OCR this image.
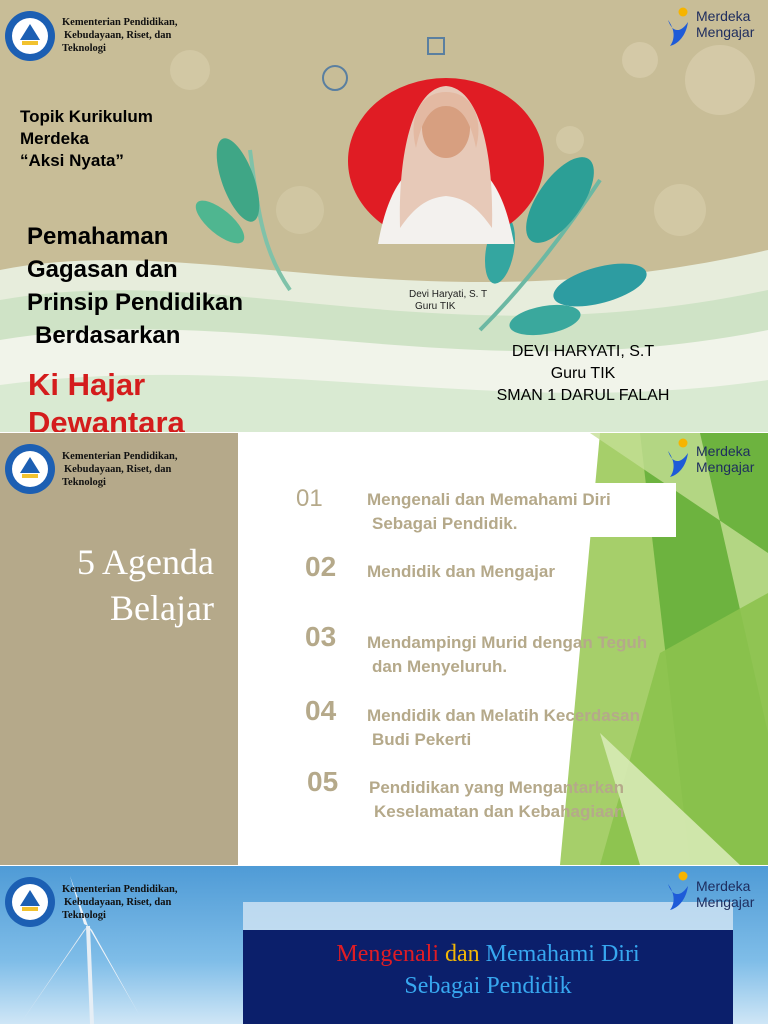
Kementerian Pendidikan,
Kebudayaan, Riset, dan
Teknologi
Merdeka
Mengajar
Topik Kurikulum
Merdeka
“Aksi Nyata”
Pemahaman
Gagasan dan
Prinsip Pendidikan
Berdasarkan
Ki Hajar
Dewantara
Devi Haryati, S. T
Guru TIK
DEVI HARYATI, S.T
Guru TIK
SMAN 1 DARUL FALAH
Kementerian Pendidikan,
Kebudayaan, Riset, dan
Teknologi
Merdeka
Mengajar
5 Agenda
Belajar
01	Mengenali dan Memahami Diri
Sebagai Pendidik.
02 Mendidik dan Mengajar
03 Mendampingi Murid dengan Teguh
dan Menyeluruh.
04 Mendidik dan Melatih Kecerdasan
Budi Pekerti
05 Pendidikan yang Mengantarkan
Keselamatan dan Kebahagiaan
Kementerian Pendidikan,
Kebudayaan, Riset, dan
Teknologi
Merdeka
Mengajar
Mengenali dan Memahami Diri
Sebagai Pendidik
